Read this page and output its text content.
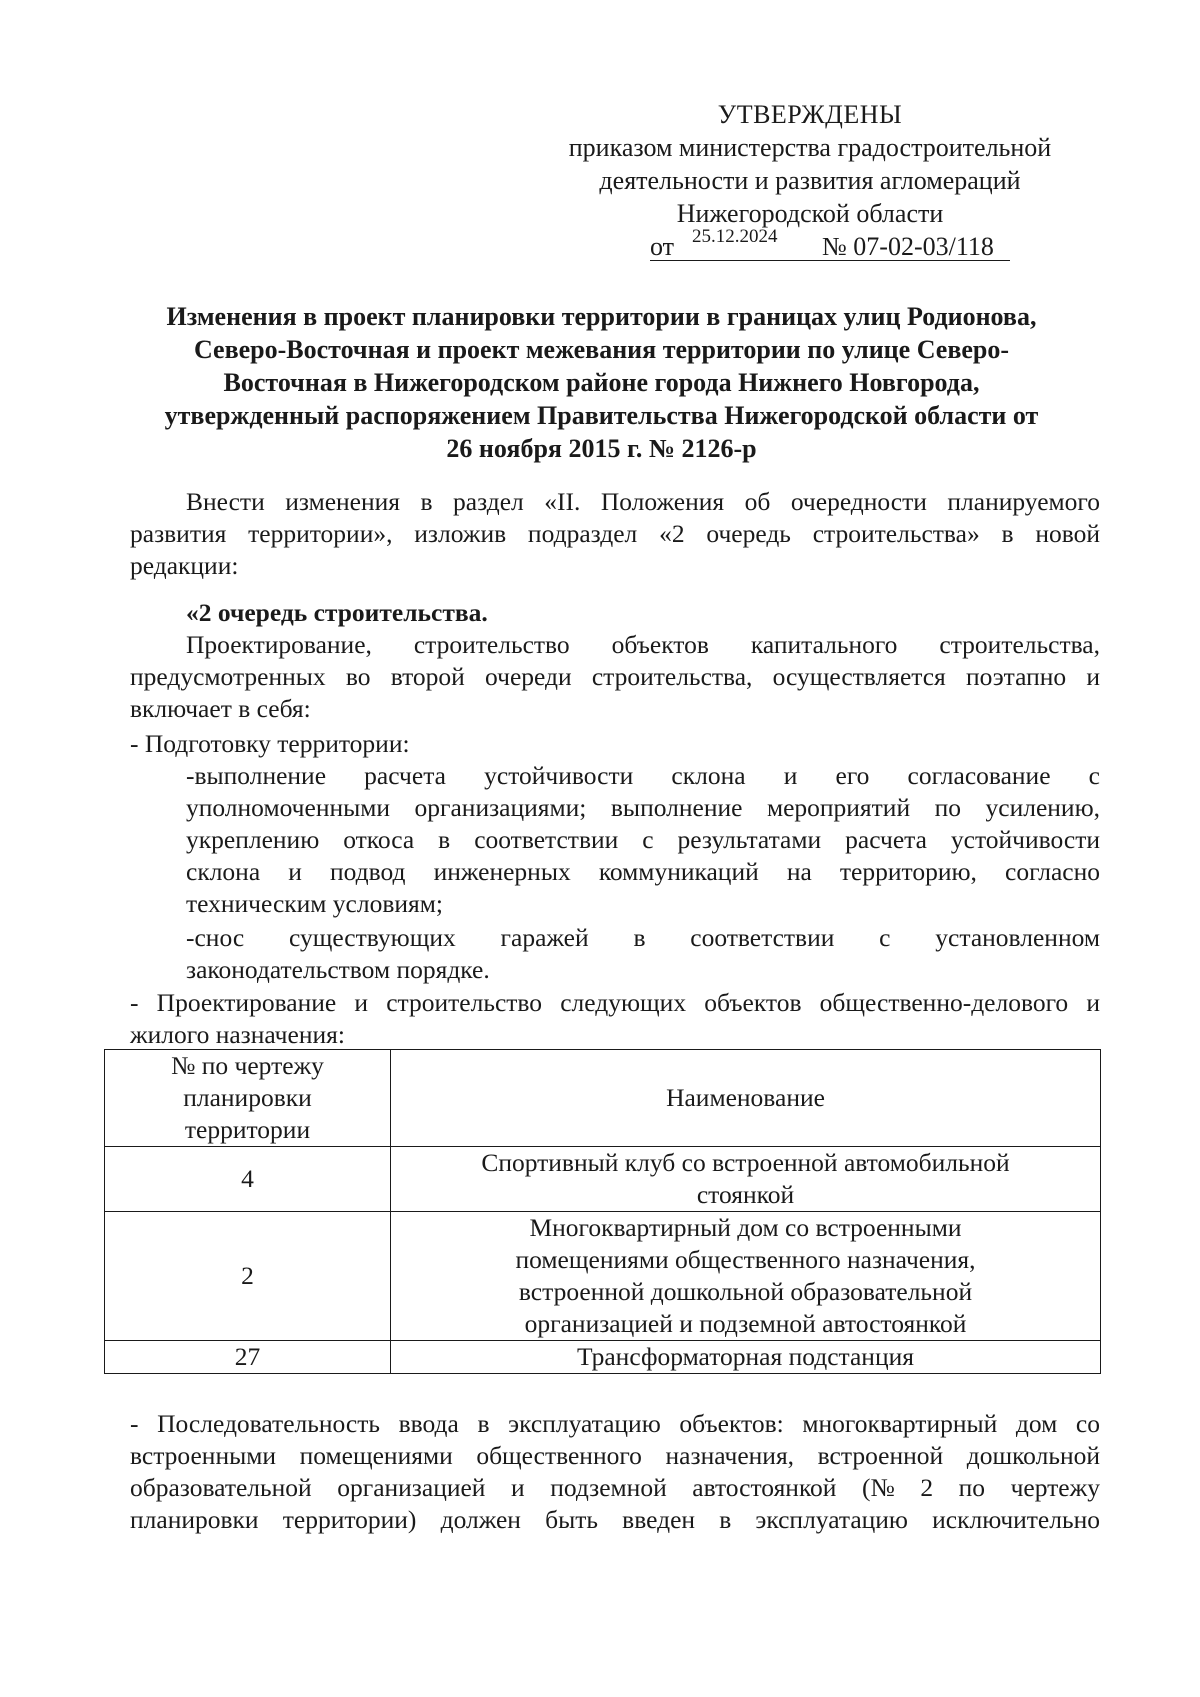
УТВЕРЖДЕНЫ
приказом министерства градостроительной
деятельности и развития агломераций
Нижегородской области
от 25.12.2024 № 07-02-03/118
Изменения в проект планировки территории в границах улиц Родионова,
Северо-Восточная и проект межевания территории по улице Северо-
Восточная в Нижегородском районе города Нижнего Новгорода,
утвержденный распоряжением Правительства Нижегородской области от
26 ноября 2015 г. № 2126-р
Внести изменения в раздел «II. Положения об очередности планируемого
развития территории», изложив подраздел «2 очередь строительства» в новой
редакции:
«2 очередь строительства.
Проектирование, строительство объектов капитального строительства,
предусмотренных во второй очереди строительства, осуществляется поэтапно и
включает в себя:
- Подготовку территории:
-выполнение расчета устойчивости склона и его согласование с
уполномоченными организациями; выполнение мероприятий по усилению,
укреплению откоса в соответствии с результатами расчета устойчивости
склона и подвод инженерных коммуникаций на территорию, согласно
техническим условиям;
-снос существующих гаражей в соответствии с установленном
законодательством порядке.
- Проектирование и строительство следующих объектов общественно-делового и
жилого назначения:
№ по чертежу
планировки
территории	Наименование
4	Спортивный клуб со встроенной автомобильной
стоянкой

2	Многоквартирный дом со встроенными
помещениями общественного назначения,
встроенной дошкольной образовательной
организацией и подземной автостоянкой

27	Трансформаторная подстанция
- Последовательность ввода в эксплуатацию объектов: многоквартирный дом со
встроенными помещениями общественного назначения, встроенной дошкольной
образовательной организацией и подземной автостоянкой (№ 2 по чертежу
планировки территории) должен быть введен в эксплуатацию исключительно
